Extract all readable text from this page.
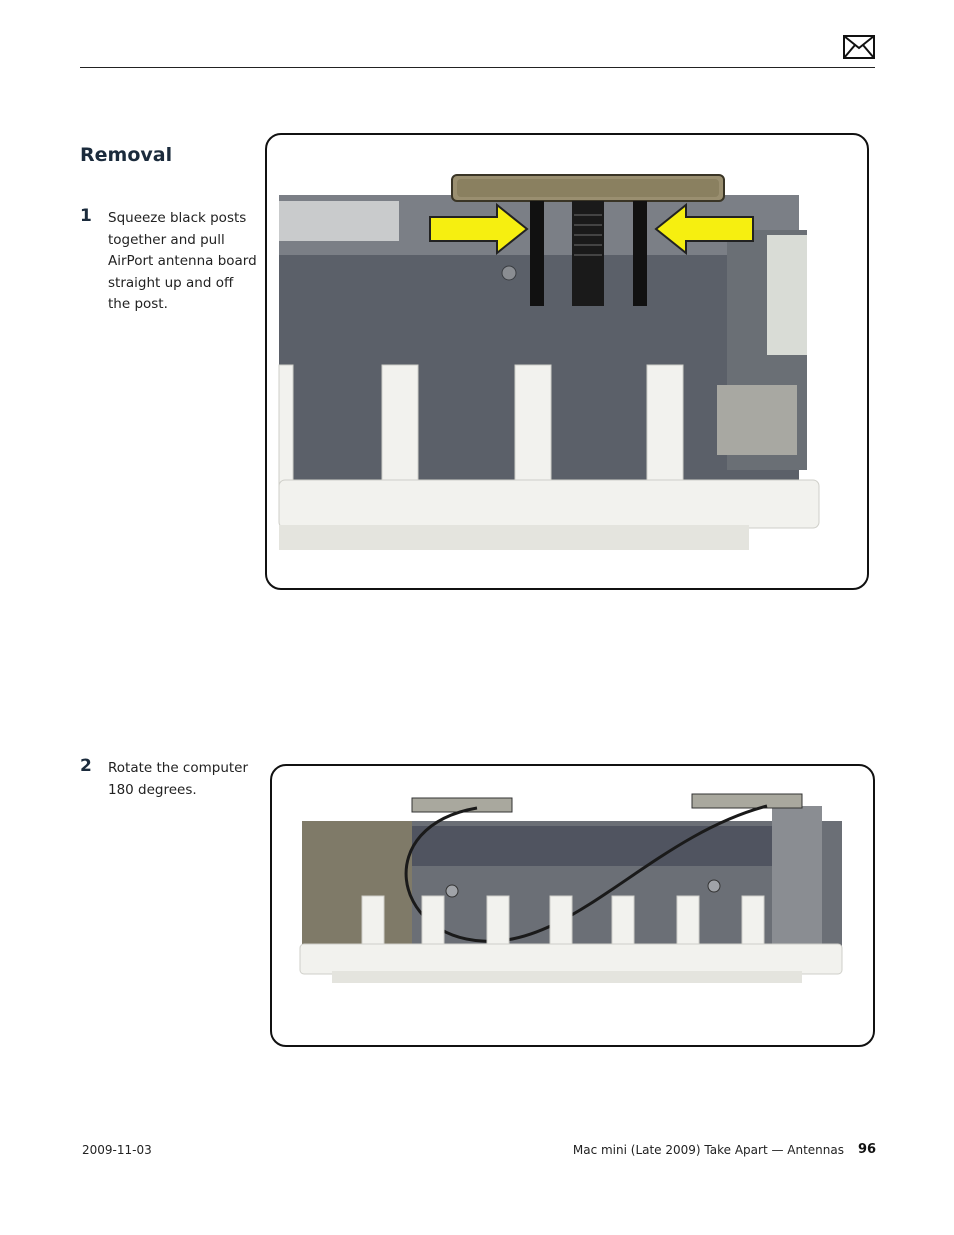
Removal
1 Squeeze black posts
together and pull
AirPort antenna board
straight up and off
the post.
2 Rotate the computer
180 degrees.
2009-11-03	Mac mini (Late 2009) Take Apart — Antennas 96
